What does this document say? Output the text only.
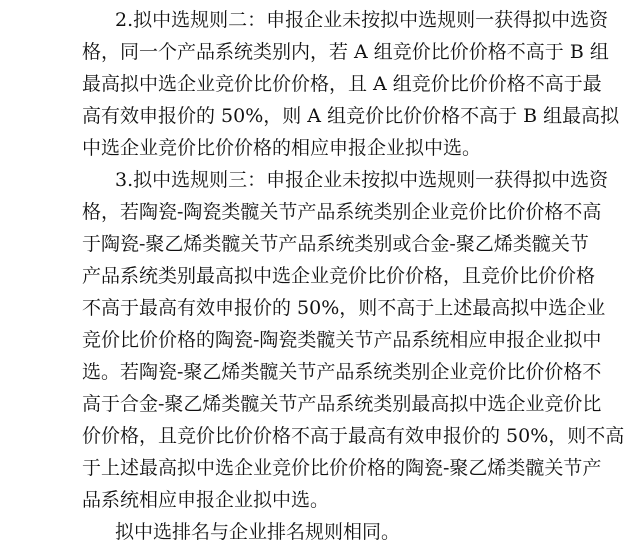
2.拟中选规则二：申报企业未按拟中选规则一获得拟中选资
格，同一个产品系统类别内，若 A 组竞价比价价格不高于 B 组
最高拟中选企业竞价比价价格，且 A 组竞价比价价格不高于最
高有效申报价的 50%，则 A 组竞价比价价格不高于 B 组最高拟
中选企业竞价比价价格的相应申报企业拟中选。
3.拟中选规则三：申报企业未按拟中选规则一获得拟中选资
格，若陶瓷-陶瓷类髋关节产品系统类别企业竞价比价价格不高
于陶瓷-聚乙烯类髋关节产品系统类别或合金-聚乙烯类髋关节
产品系统类别最高拟中选企业竞价比价价格，且竞价比价价格
不高于最高有效申报价的 50%，则不高于上述最高拟中选企业
竞价比价价格的陶瓷-陶瓷类髋关节产品系统相应申报企业拟中
选。若陶瓷-聚乙烯类髋关节产品系统类别企业竞价比价价格不
高于合金-聚乙烯类髋关节产品系统类别最高拟中选企业竞价比
价价格，且竞价比价价格不高于最高有效申报价的 50%，则不高
于上述最高拟中选企业竞价比价价格的陶瓷-聚乙烯类髋关节产
品系统相应申报企业拟中选。
拟中选排名与企业排名规则相同。
